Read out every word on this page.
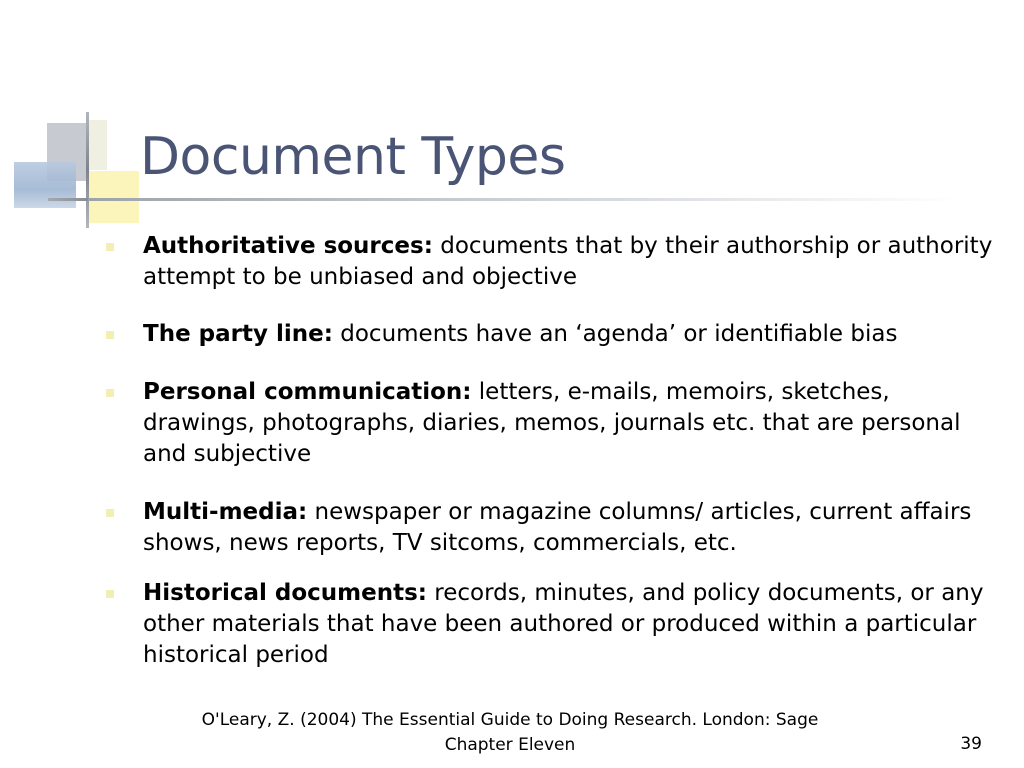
Document Types
Authoritative sources: documents that by their authorship or authority attempt to be unbiased and objective
The party line: documents have an ‘agenda’ or identifiable bias
Personal communication: letters, e-mails, memoirs, sketches, drawings, photographs, diaries, memos, journals etc. that are personal and subjective
Multi-media: newspaper or magazine columns/ articles, current affairs shows, news reports, TV sitcoms, commercials, etc.
Historical documents: records, minutes, and policy documents, or any other materials that have been authored or produced within a particular historical period
O'Leary, Z. (2004) The Essential Guide to Doing Research. London: Sage
Chapter Eleven	39
